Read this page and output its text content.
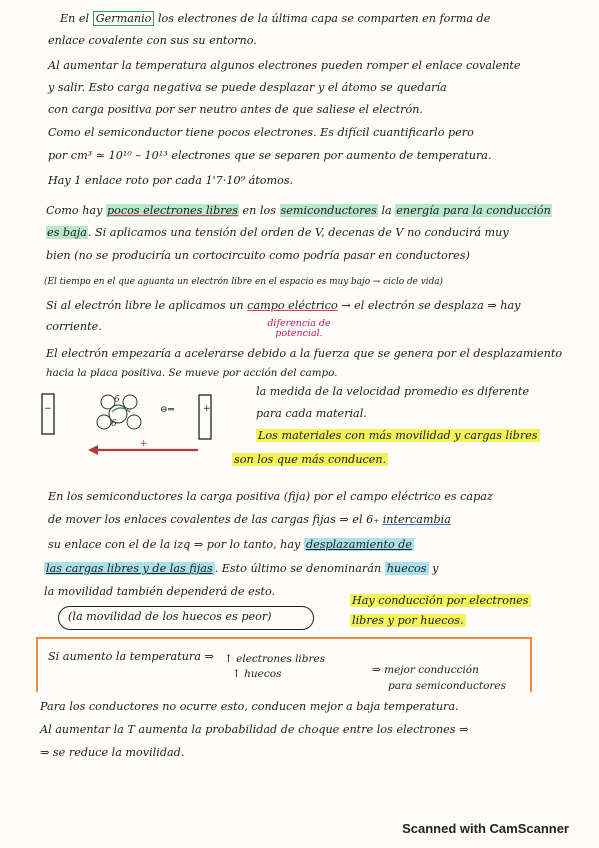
En el Germanio los electrones de la última capa se comparten en forma de
enlace covalente con sus su entorno.
Al aumentar la temperatura algunos electrones pueden romper el enlace covalente
y salir. Esto carga negativa se puede desplazar y el átomo se quedaría
con carga positiva por ser neutro antes de que saliese el electrón.
Como el semiconductor tiene pocos electrones. Es difícil cuantificarlo pero
por cm³ ≃ 10¹⁰ – 10¹³ electrones que se separen por aumento de temperatura.
Hay 1 enlace roto por cada 1'7·10⁹ átomos.
Como hay pocos electrones libres en los semiconductores la energía para la conducción
es baja. Si aplicamos una tensión del orden de V, decenas de V no conducirá muy
bien (no se produciría un cortocircuito como podría pasar en conductores)
(El tiempo en el que aguanta un electrón libre en el espacio es muy bajo → ciclo de vida)
Si al electrón libre le aplicamos un campo eléctrico → el electrón se desplaza ⇒ hay
corriente.	diferencia de
potencial.
El electrón empezaría a acelerarse debido a la fuerza que se genera por el desplazamiento
hacia la placa positiva. Se mueve por acción del campo.
6
6
⊖⇒
+
+
−
la medida de la velocidad promedio es diferente
para cada material.
Los materiales con más movilidad y cargas libres
son los que más conducen.
En los semiconductores la carga positiva (fija) por el campo eléctrico es capaz
de mover los enlaces covalentes de las cargas fijas ⇒ el 6₊ intercambia
su enlace con el de la izq ⇒ por lo tanto, hay desplazamiento de
las cargas libres y de las fijas . Esto último se denominarán huecos y
la movilidad también dependerá de esto.
(la movilidad de los huecos es peor)
Hay conducción por electrones
libres y por huecos.
Si aumento la temperatura ⇒ ↑ electrones libres
↑ huecos	⇒ mejor conducción
para semiconductores
Para los conductores no ocurre esto, conducen mejor a baja temperatura.
Al aumentar la T aumenta la probabilidad de choque entre los electrones ⇒
⇒ se reduce la movilidad.
Scanned with CamScanner
